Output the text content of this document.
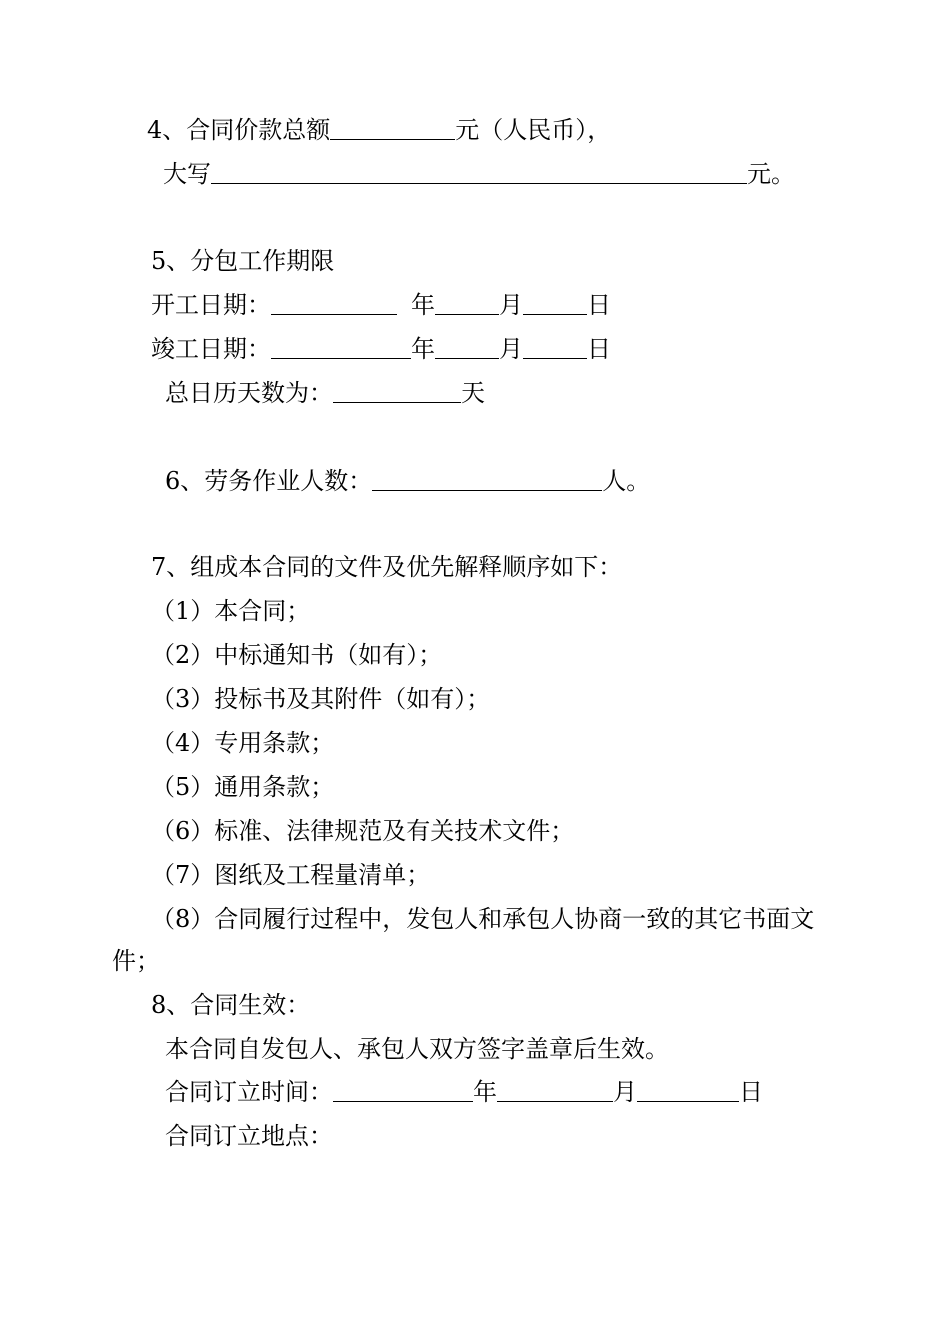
4、合同价款总额	元（人民币），
大写	元。
5、分包工作期限
开工日期：	年	月	日
竣工日期：	年	月	日
总日历天数为：	天
6、劳务作业人数：	人。
7、组成本合同的文件及优先解释顺序如下：
（1）本合同；
（2）中标通知书（如有）；
（3）投标书及其附件（如有）；
（4）专用条款；
（5）通用条款；
（6）标准、法律规范及有关技术文件；
（7）图纸及工程量清单；
（8）合同履行过程中，发包人和承包人协商一致的其它书面文
件；
8、合同生效：
本合同自发包人、承包人双方签字盖章后生效。
合同订立时间：	年	月	日
合同订立地点：
